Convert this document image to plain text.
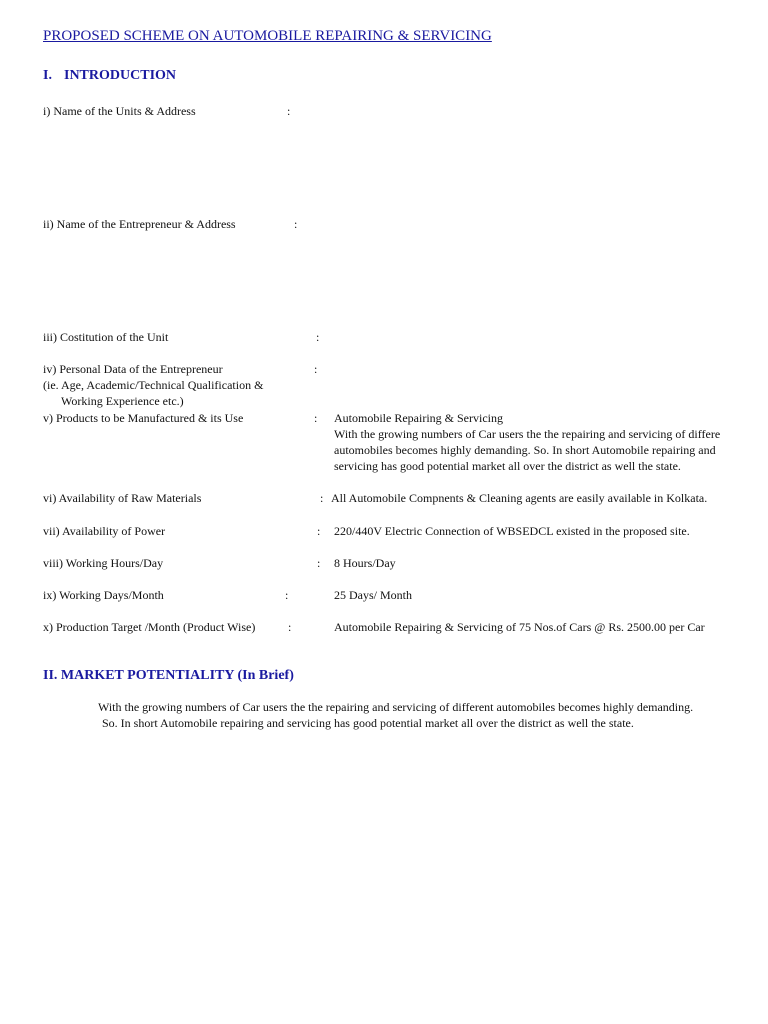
PROPOSED SCHEME ON AUTOMOBILE REPAIRING & SERVICING
I. INTRODUCTION
i) Name of the Units & Address	:
ii) Name of the Entrepreneur & Address	:
iii) Costitution of the Unit	:
iv) Personal Data of the Entrepreneur
(ie. Age, Academic/Technical Qualification &
Working Experience etc.)
:
v) Products to be Manufactured & its Use	: Automobile Repairing & Servicing
With the growing numbers of Car users the the repairing and servicing of differe
automobiles becomes highly demanding. So. In short Automobile repairing and
servicing has good potential market all over the district as well the state.
vi) Availability of Raw Materials	: All Automobile Compnents & Cleaning agents are easily available in Kolkata.
vii) Availability of Power	: 220/440V Electric Connection of WBSEDCL existed in the proposed site.
viii) Working Hours/Day	: 8 Hours/Day
ix) Working Days/Month	:	25 Days/ Month
x) Production Target /Month (Product Wise)	:	Automobile Repairing & Servicing of 75 Nos.of Cars @ Rs. 2500.00 per Car
II. MARKET POTENTIALITY (In Brief)
With the growing numbers of Car users the the repairing and servicing of different automobiles becomes highly demanding.
So. In short Automobile repairing and servicing has good potential market all over the district as well the state.
